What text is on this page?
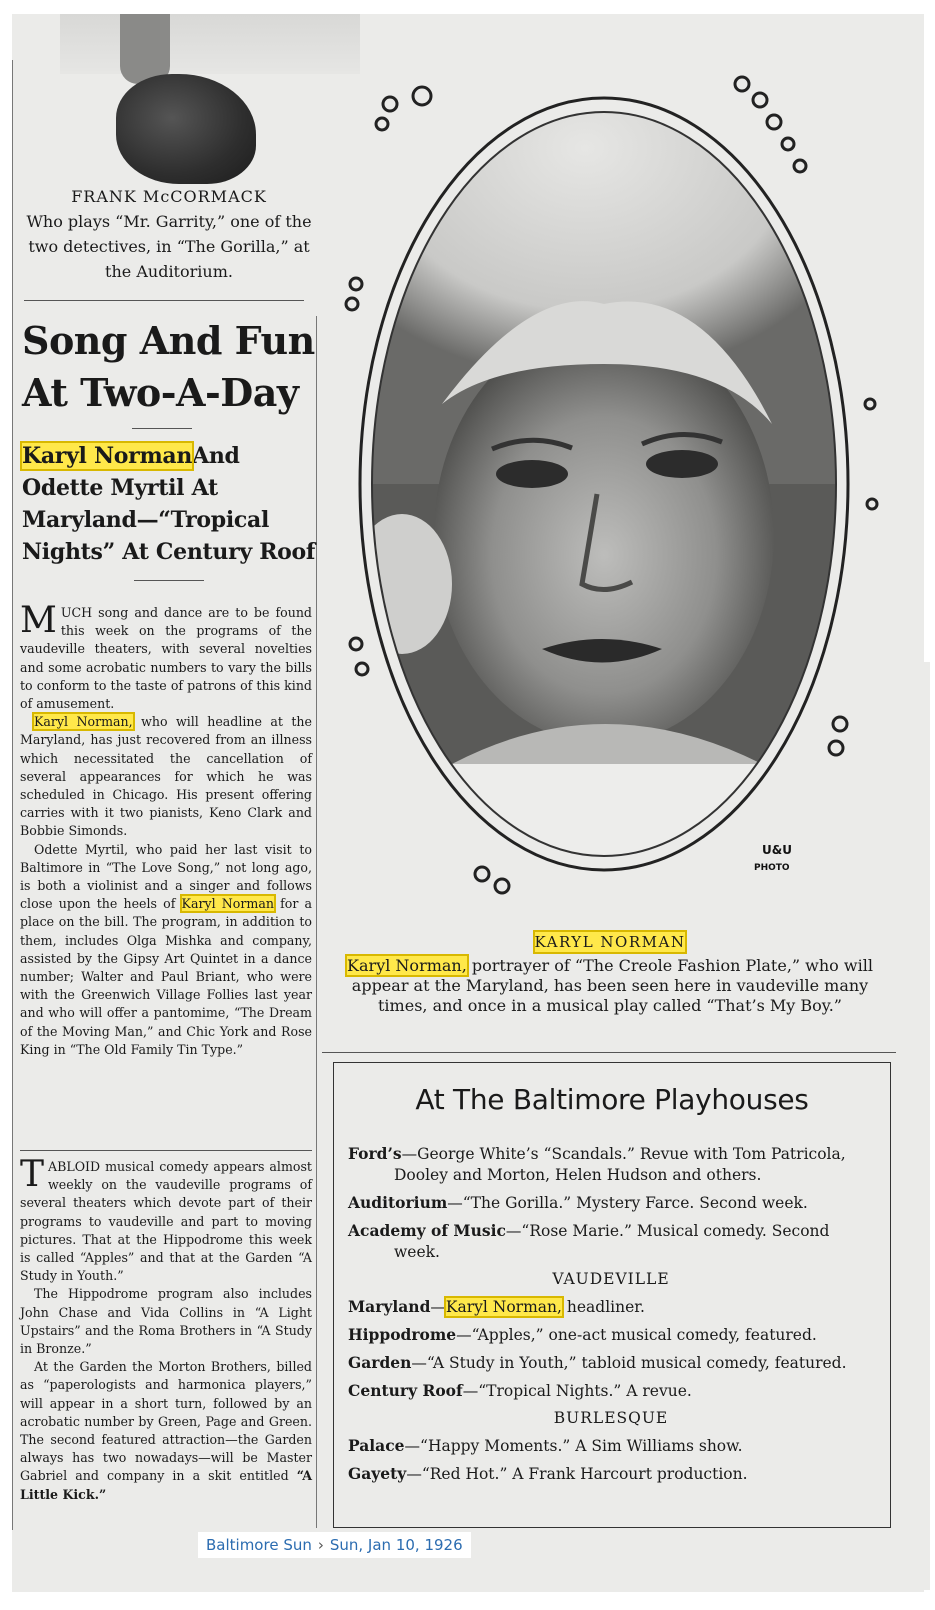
FRANK McCORMACK
Who plays “Mr. Garrity,” one of the two detectives, in “The Gorilla,” at the Auditorium.
Song And Fun
At Two-A-Day
Karyl NormanAnd Odette Myrtil At Maryland—“Tropical Nights” At Century Roof

MUCH song and dance are to be found this week on the programs of the vaudeville theaters, with several novelties and some acrobatic numbers to vary the bills to conform to the taste of patrons of this kind of amusement.

Karyl Norman, who will headline at the Maryland, has just recovered from an illness which necessitated the cancellation of several appearances for which he was scheduled in Chicago. His present offering carries with it two pianists, Keno Clark and Bobbie Simonds.

Odette Myrtil, who paid her last visit to Baltimore in “The Love Song,” not long ago, is both a violinist and a singer and follows close upon the heels of Karyl Norman for a place on the bill. The program, in addition to them, includes Olga Mishka and company, assisted by the Gipsy Art Quintet in a dance number; Walter and Paul Briant, who were with the Greenwich Village Follies last year and who will offer a pantomime, “The Dream of the Moving Man,” and Chic York and Rose King in “The Old Family Tin Type.”

TABLOID musical comedy appears almost weekly on the vaudeville programs of several theaters which devote part of their programs to vaudeville and part to moving pictures. That at the Hippodrome this week is called “Apples” and that at the Garden “A Study in Youth.”

The Hippodrome program also includes John Chase and Vida Collins in “A Light Upstairs” and the Roma Brothers in “A Study in Bronze.”

At the Garden the Morton Brothers, billed as “paperologists and harmonica players,” will appear in a short turn, followed by an acrobatic number by Green, Page and Green. The second featured attraction—the Garden always has two nowadays—will be Master Gabriel and company in a skit entitled “A Little Kick.”

U&U
PHOTO
KARYL NORMAN
Karyl Norman, portrayer of “The Creole Fashion Plate,” who will appear at the Maryland, has been seen here in vaudeville many times, and once in a musical play called “That’s My Boy.”
At The Baltimore Playhouses
Ford’s—George White’s “Scandals.” Revue with Tom Patricola, Dooley and Morton, Helen Hudson and others.
Auditorium—“The Gorilla.” Mystery Farce. Second week.
Academy of Music—“Rose Marie.” Musical comedy. Second week.
VAUDEVILLE
Maryland—Karyl Norman, headliner.
Hippodrome—“Apples,” one-act musical comedy, featured.
Garden—“A Study in Youth,” tabloid musical comedy, featured.
Century Roof—“Tropical Nights.” A revue.
BURLESQUE
Palace—“Happy Moments.” A Sim Williams show.
Gayety—“Red Hot.” A Frank Harcourt production.
Baltimore Sun › Sun, Jan 10, 1926
